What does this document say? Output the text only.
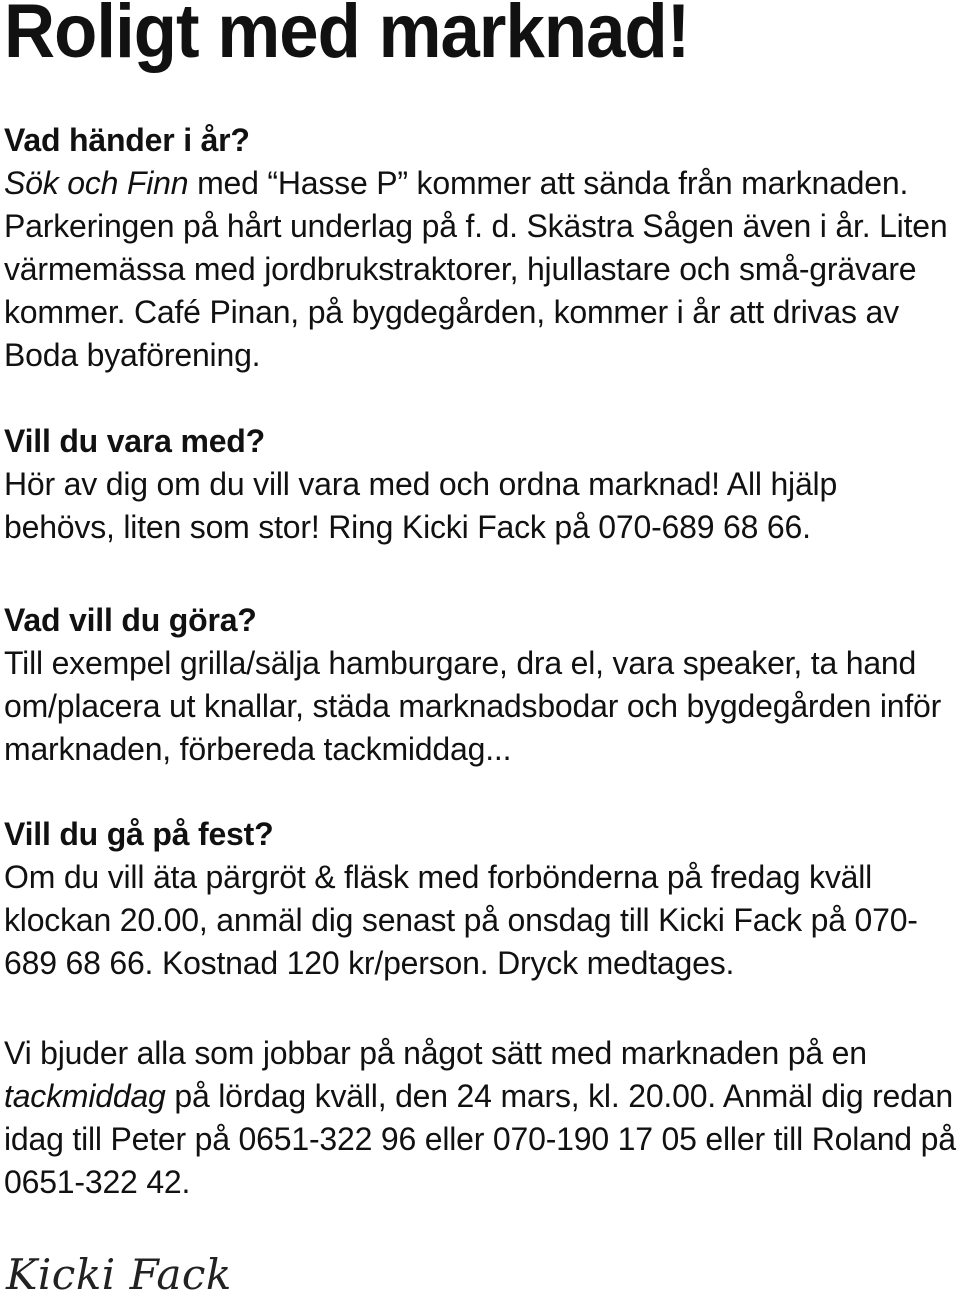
Roligt med marknad!

Vad händer i år?

Sök och Finn med “Hasse P” kommer att sända från marknaden. Parkeringen på hårt underlag på f. d. Skästra Sågen även i år. Liten värmemässa med jordbrukstraktorer, hjullastare och små-grävare kommer. Café Pinan, på bygdegården, kommer i år att drivas av Boda byaförening.

Vill du vara med?

Hör av dig om du vill vara med och ordna marknad! All hjälp behövs, liten som stor! Ring Kicki Fack på 070-689 68 66.

Vad vill du göra?

Till exempel grilla/sälja hamburgare, dra el, vara speaker, ta hand om/placera ut knallar, städa marknadsbodar och bygdegården inför marknaden, förbereda tackmiddag...

Vill du gå på fest?

Om du vill äta pärgröt & fläsk med forbönderna på fredag kväll klockan 20.00, anmäl dig senast på onsdag till Kicki Fack på 070-689 68 66. Kostnad 120 kr/person. Dryck medtages.

Vi bjuder alla som jobbar på något sätt med marknaden på en tackmiddag på lördag kväll, den 24 mars, kl. 20.00. Anmäl dig redan idag till Peter på 0651-322 96 eller 070-190 17 05 eller till Roland på 0651-322 42.

Kicki Fack
